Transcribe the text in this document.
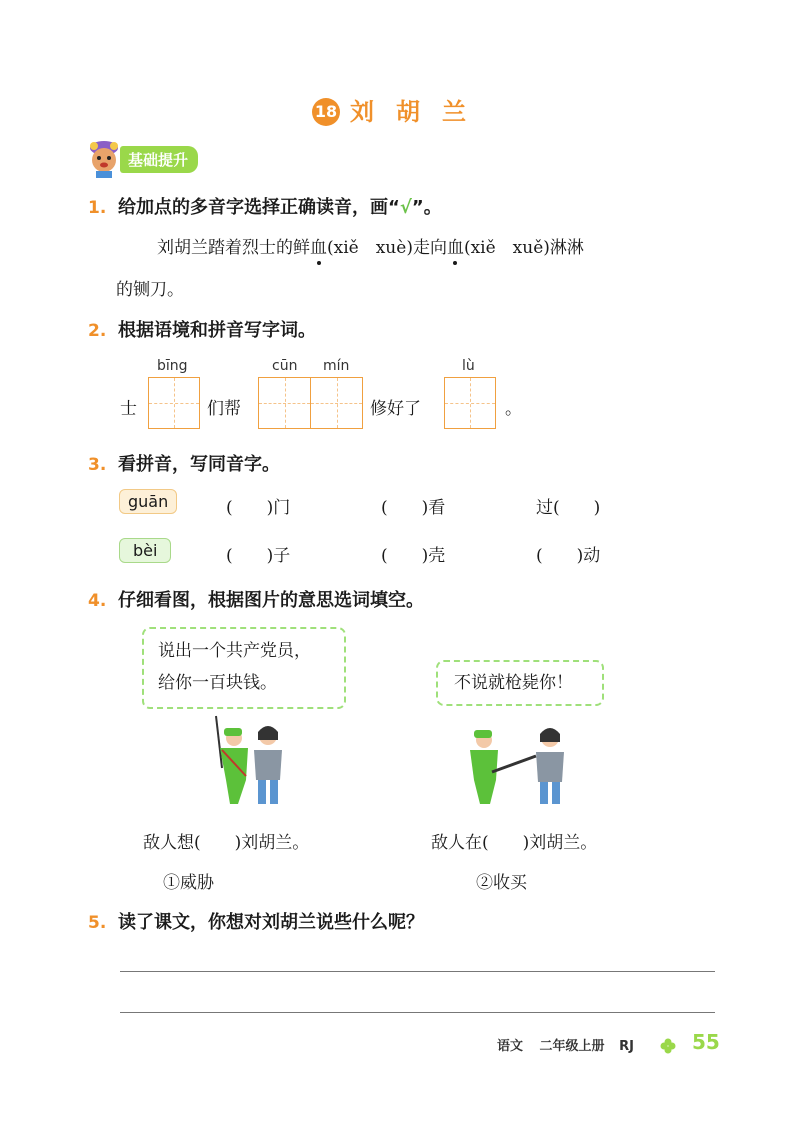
18 刘胡兰
基础提升
1. 给加点的多音字选择正确读音，画“√”。
刘胡兰踏着烈士的鲜血(xiě　xuè)走向血(xiě　xuě)淋淋
的铡刀。
2. 根据语境和拼音写字词。
bīng	cūn mín	lù
士	们帮	修好了	。
3. 看拼音，写同音字。
guān	(　　)门	(　　)看	过(　　)
bèi	(　　)子	(　　)壳	(　　)动
4. 仔细看图，根据图片的意思选词填空。
说出一个共产党员，
给你一百块钱。	不说就枪毙你！
敌人想(　　)刘胡兰。	敌人在(　　)刘胡兰。
①威胁	②收买
5. 读了课文，你想对刘胡兰说些什么呢？
语文 二年级上册 RJ	55
